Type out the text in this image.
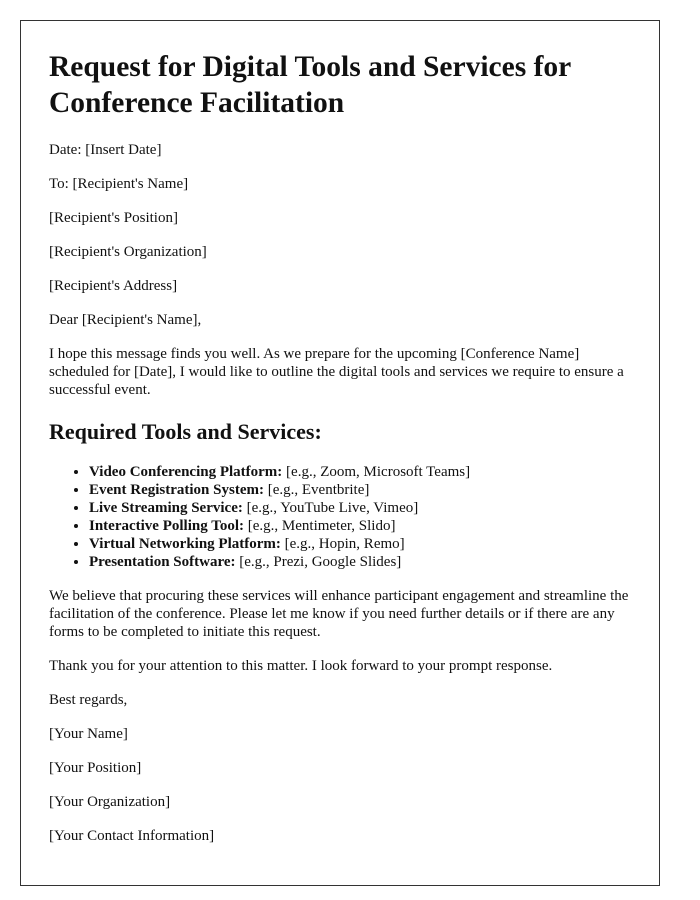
Request for Digital Tools and Services for Conference Facilitation

Date: [Insert Date]

To: [Recipient's Name]

[Recipient's Position]

[Recipient's Organization]

[Recipient's Address]

Dear [Recipient's Name],

I hope this message finds you well. As we prepare for the upcoming [Conference Name] scheduled for [Date], I would like to outline the digital tools and services we require to ensure a successful event.

Required Tools and Services:
• Video Conferencing Platform: [e.g., Zoom, Microsoft Teams]
• Event Registration System: [e.g., Eventbrite]
• Live Streaming Service: [e.g., YouTube Live, Vimeo]
• Interactive Polling Tool: [e.g., Mentimeter, Slido]
• Virtual Networking Platform: [e.g., Hopin, Remo]
• Presentation Software: [e.g., Prezi, Google Slides]

We believe that procuring these services will enhance participant engagement and streamline the facilitation of the conference. Please let me know if you need further details or if there are any forms to be completed to initiate this request.

Thank you for your attention to this matter. I look forward to your prompt response.

Best regards,

[Your Name]

[Your Position]

[Your Organization]

[Your Contact Information]
